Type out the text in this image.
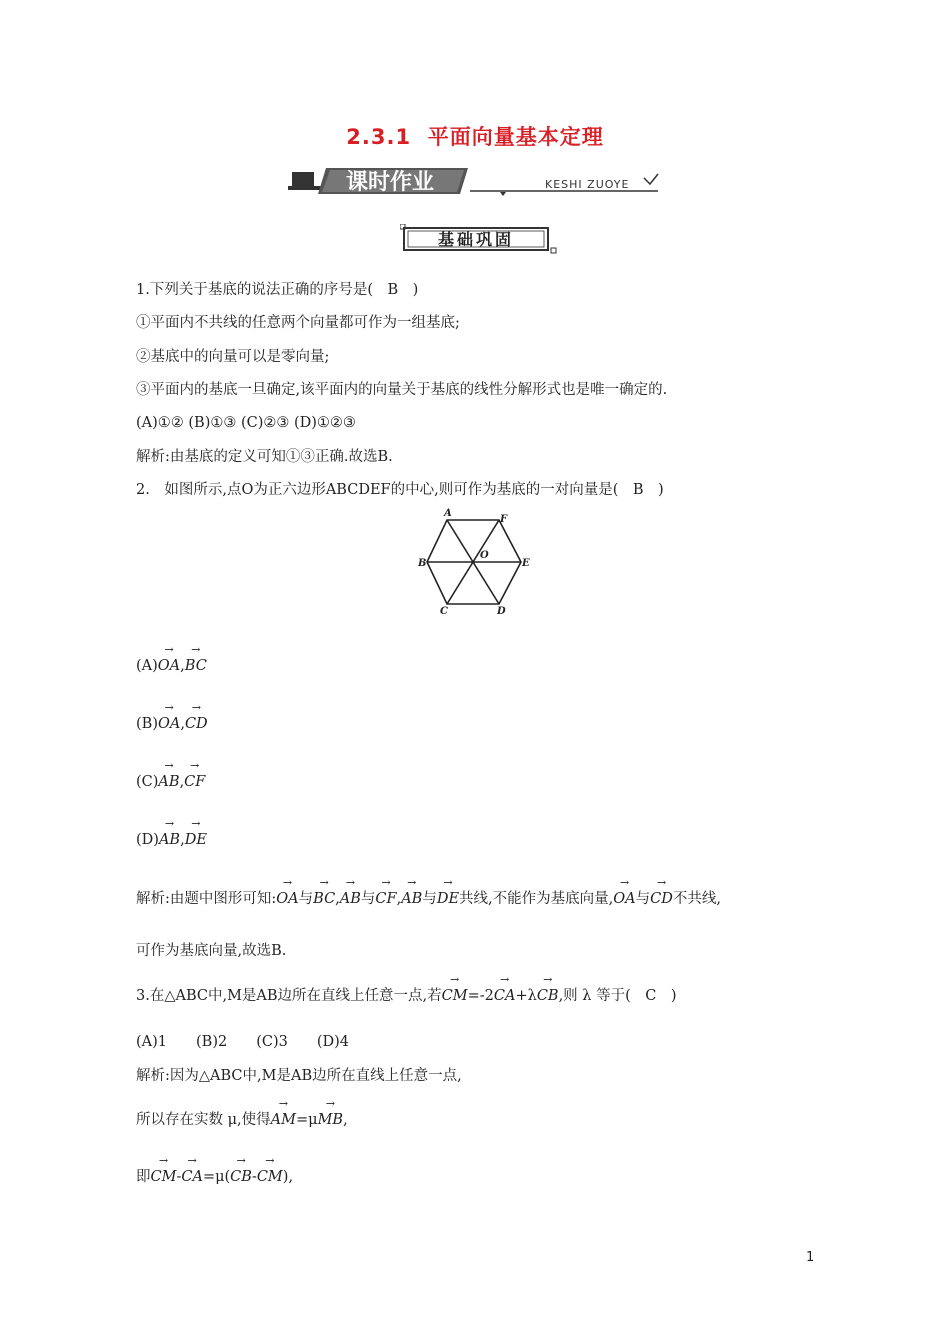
2.3.1  平面向量基本定理
课时作业	KESHI ZUOYE
基础巩固
1.下列关于基底的说法正确的序号是(　B　)
①平面内不共线的任意两个向量都可作为一组基底;
②基底中的向量可以是零向量;
③平面内的基底一旦确定,该平面内的向量关于基底的线性分解形式也是唯一确定的.
(A)①② (B)①③ (C)②③ (D)①②③
解析:由基底的定义可知①③正确.故选B.
2.　如图所示,点O为正六边形ABCDEF的中心,则可作为基底的一对向量是(　B　)
A
F
B
O
E
C	D
(A)→ OA,→ BC
(B)→ OA,→ CD
(C)→ AB,→ CF
(D)→ AB,→ DE
解析:由题中图形可知:→ OA与→ BC,→ AB与→ CF,→ AB与→ DE共线,不能作为基底向量,→ OA与→ CD不共线,
可作为基底向量,故选B.
3.在△ABC中,M是AB边所在直线上任意一点,若→ CM=-2→ CA+λ→ CB,则 λ 等于(　C　)
(A)1　　(B)2　　(C)3　　(D)4
解析:因为△ABC中,M是AB边所在直线上任意一点,
所以存在实数 μ,使得→ AM=μ→ MB,
即→ CM-→ CA=μ(→ CB-→ CM),
1
